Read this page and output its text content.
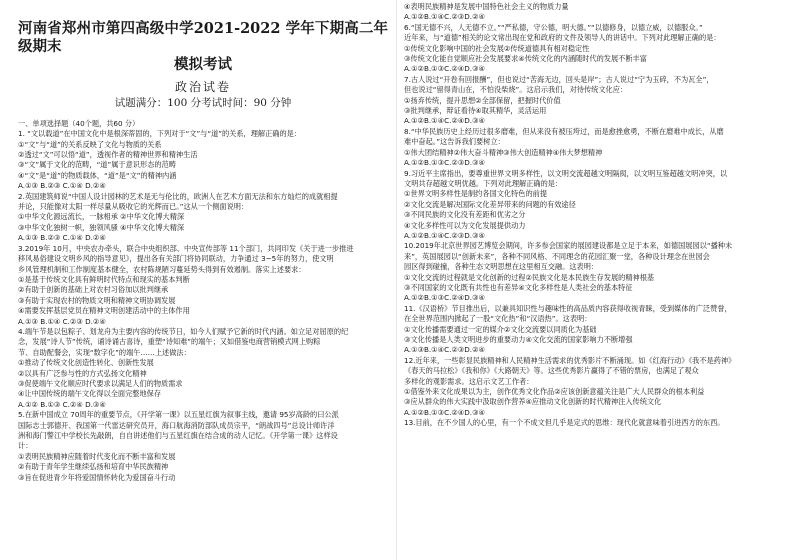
河南省郑州市第四高级中学2021-2022 学年下期高二年级期末
模拟考试
政治试卷
试题满分：100 分考试时间：90 分钟
一、单项选择题（40个题，共60 分）
1. “文以载道”在中国文化中是根深蒂固的，下列对于“文”与“道”的关系，理解正确的是：
①“文”与“道”的关系反映了文化与物质的关系
②透过“文”可以悟“道”，透视作者的精神世界和精神生活
③“文”属于文化的范畴，“道”属于意识形态的范畴
④“文”是“道”的物质载体，“道”是“文”的精神内涵
A.①③ B.②③ C.①④ D.②④
2.英国建筑师说“中国人设计园林的艺术是无与伦比的，欧洲人在艺术方面无法和东方灿烂的成就相提
并论，只能像对太阳一样尽量从吸收它的光辉而已。”这从一个侧面说明：
①中华文化源远流长，一脉相承 ②中华文化博大精深
③中华文化独树一帜，独领风骚 ④中华文化博大精深
A.①③ B.②③ C.①④ D.②④
3.2019年 10月，中央农办牵头，联合中央组织部、中央宣传部等 11个部门，共同印发《关于进一步推进
移风易俗建设文明乡风的指导意见》，提出各有关部门将协同联动，力争通过 3~5年的努力，使文明
乡风管理机制和工作制度基本健全，农村陈规陋习蔓延势头得到有效遏制。落实上述要求：
①是基于传统文化具有鲜明时代特点和现实的基本判断
②有助于创新的基础上对农村习俗加以批判继承
③有助于实现农村的物质文明和精神文明协调发展
④需要发挥基层党员在精神文明创建活动中的主体作用
A.①③ B.①④ C.②③ D.②④
4.端午节是以包粽子、划龙舟为主要内容的传统节日，如今人们赋予它新的时代内涵。如立足对屈原的纪
念，发展“诗人节”传统，诵诗诵古喜诗，重塑“诗知难”的端午；又如借鉴电商营销模式网上购粽
节、自助配餐会，实现“数字化”的端午……上述做法：
①推动了传统文化创造性转化、创新性发展
②以具有广泛参与性的方式弘扬文化精神
③促使端午文化顺应时代要求以满足人们的物质需求
④让中国传统的端午文化得以全面完整地保存
A.①② B.①③ C.②④ D.③④
5.在新中国成立 70周年的重要节点，《开学第一课》以五星红旗为叙事主线，邀请 95岁高龄的曰公派
国际志士郭德开、我国第一代雷达研究员开，海口航海消防部队成员宗平，“朗战四号”总设计师许洋
洲和海门警江中学校长先敲朗，自自讲述他们与五星红旗在结合成的动人记忆。《开学第一课》这样设
计：
①表明民族精神应随着时代变化而不断丰富和发展
②有助于青年学生继续弘扬和培育中华民族精神
③旨在促进青少年将爱国情怀转化为爱国奋斗行动
④表明民族精神是发展中国特色社会主义的物质力量
A.①②B.①④C.②③D.②④
6.“国无德不兴，人无德不立。”“严私德，守公德，明大德。”“以德修身，以德立威，以德服众。”
近年来，与“道德”相关的论文常出现在党和政府的文件及领导人的讲话中。下列对此理解正确的是：
①传统文化影响中国的社会发展②传统道德具有相对稳定性
③传统文化能自觉顺应社会发展要求④传统文化的内涵随时代的发展不断丰富
A.①②B.①③C.②④D.③④
7.古人说过“开卷有回报酬”，但也说过“苦海无边，回头是岸”；古人说过“宁为玉碎，不为瓦全”，
但也说过“留得青山在，不怕没柴烧”。这启示我们，对待传统文化应：
①扬弃传统，提升思想②全部保留，把握时代价值
③批判继承，辩证看待④取其精华，灵活运用
A.①②B.①④C.②④D.③④
8.“中华民族历史上经历过很多磨难，但从来没有被压垮过，而是愈挫愈勇，不断在磨难中成长，从磨
难中奋起。”这告诉我们要树立：
①伟大团结精神②伟大奋斗精神③伟大创造精神④伟大梦想精神
A.①②B.①③C.②③D.③④
9.习近平主席指出，要尊重世界文明多样性，以文明交流超越文明隔阂，以文明互鉴超越文明冲突，以
文明共存超越文明优越。下列对此理解正确的是：
①世界文明多样性是制约各国文化特色的前提
②文化交流是解决国际文化差异带来的问题的有效途径
③不同民族的文化没有差距和优劣之分
④文化多样性可以为文化发展提供动力
A.①②B.①④C.②③D.③④
10.2019年北京世界园艺博览会期间，许多参会国家的展园建设都是立足于本来，如德国展园以“播种未
来”，英国展园以“创新未来”，各种不同风格、不同理念的花园汇聚一堂，各种设计理念在世园会
园区得到碰撞，各种生态文明思想在这里相互交融。这表明：
①文化交流的过程就是文化创新的过程②民族文化是本民族生存发展的精神根基
③不同国家的文化既有共性也有差异④文化多样性是人类社会的基本特征
A.①②B.①③C.②④D.③④
11.《汉语桥》节目推出后，以兼具知识性与趣味性的高品质内容获得收视青睐，受到媒体的广泛赞誉，
在全世界范围内掀起了一股“文化热”和“汉语热”。这表明：
①文化传播需要通过一定的媒介②文化交流要以同质化为基础
③文化传播是人类文明进步的重要动力④文化交流的国家影响力不断增强
A.①③B.①④C.②③D.②④
12.近年来，一些彰显民族精神和人民精神生活需求的优秀影片不断涌现。如《红海行动》《我不是药神》
《春天的马拉松》《我和你》《大路朝天》等。这些优秀影片赢得了不错的票房，也满足了观众
多样化的观影需求。这启示文艺工作者：
①借鉴外来文化成果以为主，创作优秀文化作品②应该创新意蕴关注是广大人民群众的根本利益
③应从群众的伟大实践中汲取创作营养④应推动文化创新的时代精神注入传统文化
A.①②B.①③C.②④D.③④
13.目前，在不少国人的心里，有一个不成文但几乎是定式的思维：现代化就意味着引进西方的东西。
